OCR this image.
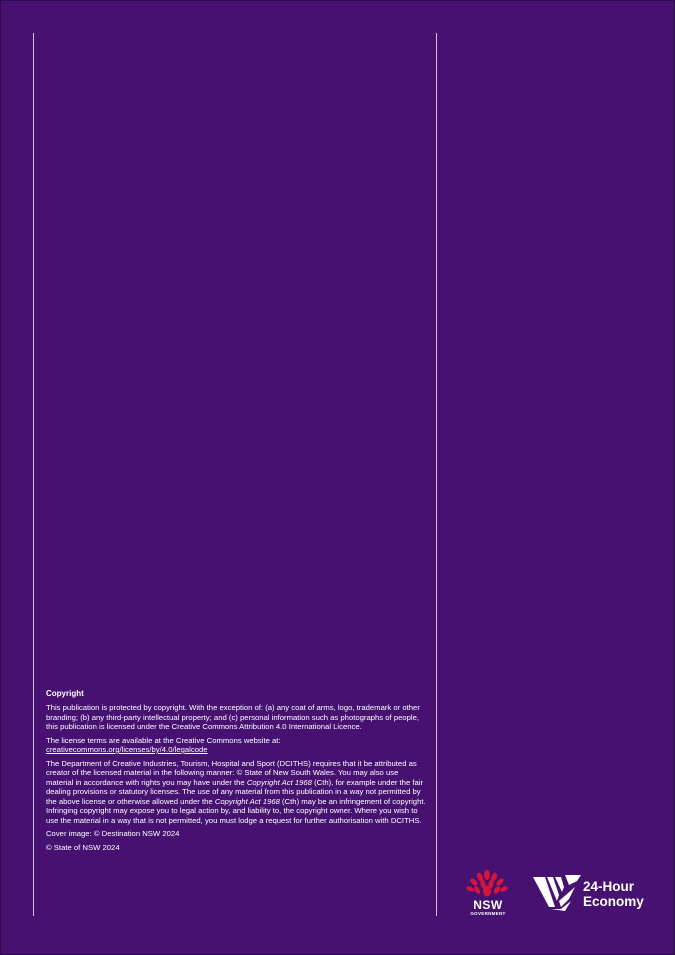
Copyright

This publication is protected by copyright. With the exception of: (a) any coat of arms, logo, trademark or other branding; (b) any third-party intellectual property; and (c) personal information such as photographs of people, this publication is licensed under the Creative Commons Attribution 4.0 International Licence.

The license terms are available at the Creative Commons website at:
creativecommons.org/licenses/by/4.0/legalcode

The Department of Creative Industries, Tourism, Hospital and Sport (DCITHS) requires that it be attributed as creator of the licensed material in the following manner: © State of New South Wales. You may also use material in accordance with rights you may have under the Copyright Act 1968 (Cth), for example under the fair dealing provisions or statutory licenses. The use of any material from this publication in a way not permitted by the above license or otherwise allowed under the Copyright Act 1968 (Cth) may be an infringement of copyright. Infringing copyright may expose you to legal action by, and liability to, the copyright owner. Where you wish to use the material in a way that is not permitted, you must lodge a request for further authorisation with DCITHS.

Cover image: © Destination NSW 2024

© State of NSW 2024

NSW
GOVERNMENT
24-Hour
Economy
